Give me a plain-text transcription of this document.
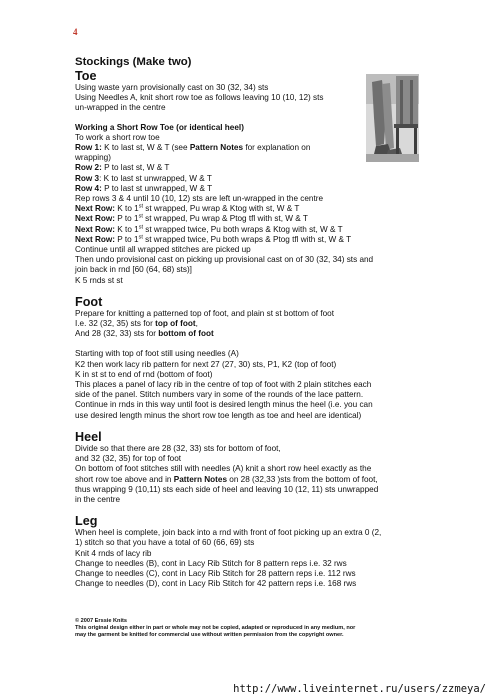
4
Stockings (Make two)
Toe
Using waste yarn provisionally cast on 30 (32, 34) sts
Using Needles A, knit short row toe as follows leaving 10 (10, 12) sts
un-wrapped in the centre
Working a Short Row Toe (or identical heel)
To work a short row toe
Row 1: K to last st, W & T (see Pattern Notes for explanation on
wrapping)
Row 2: P to last st, W & T
Row 3: K to last st unwrapped, W & T
Row 4: P to last st unwrapped, W & T
Rep rows 3 & 4 until 10 (10, 12) sts are left un-wrapped in the centre
Next Row: K to 1st st wrapped, Pu wrap & Ktog with st, W & T
Next Row: P to 1st st wrapped, Pu wrap & Ptog tfl with st, W & T
Next Row: K to 1st st wrapped twice, Pu both wraps & Ktog with st, W & T
Next Row: P to 1st st wrapped twice, Pu both wraps & Ptog tfl with st, W & T
Continue until all wrapped stitches are picked up
Then undo provisional cast on picking up provisional cast on of 30 (32, 34) sts and
join back in rnd [60 (64, 68) sts)]
K 5 rnds st st
Foot
Prepare for knitting a patterned top of foot, and plain st st bottom of foot
I.e. 32 (32, 35) sts for top of foot,
And 28 (32, 33) sts for bottom of foot
Starting with top of foot still using needles (A)
K2 then work lacy rib pattern for next 27 (27, 30) sts, P1, K2 (top of foot)
K in st st to end of rnd (bottom of foot)
This places a panel of lacy rib in the centre of top of foot with 2 plain stitches each
side of the panel. Stitch numbers vary in some of the rounds of the lace pattern.
Continue in rnds in this way until foot is desired length minus the heel (i.e. you can
use desired length minus the short row toe length as toe and heel are identical)
Heel
Divide so that there are 28 (32, 33) sts for bottom of foot,
and 32 (32, 35) for top of foot
On bottom of foot stitches still with needles (A) knit a short row heel exactly as the
short row toe above and in Pattern Notes on 28 (32,33 )sts from the bottom of foot,
thus wrapping 9 (10,11) sts each side of heel and leaving 10 (12, 11) sts unwrapped
in the centre
Leg
When heel is complete, join back into a rnd with front of foot picking up an extra 0 (2,
1) stitch so that you have a total of 60 (66, 69) sts
Knit 4 rnds of lacy rib
Change to needles (B), cont in Lacy Rib Stitch for 8 pattern reps i.e. 32 rws
Change to needles (C), cont in Lacy Rib Stitch for 28 pattern reps i.e. 112 rws
Change to needles (D), cont in Lacy Rib Stitch for 42 pattern reps i.e. 168 rws
© 2007 Erssie Knits
This original design either in part or whole may not be copied, adapted or reproduced in any medium, nor
may the garment be knitted for commercial use without written permission from the copyright owner.
http://www.liveinternet.ru/users/zzmeya/
